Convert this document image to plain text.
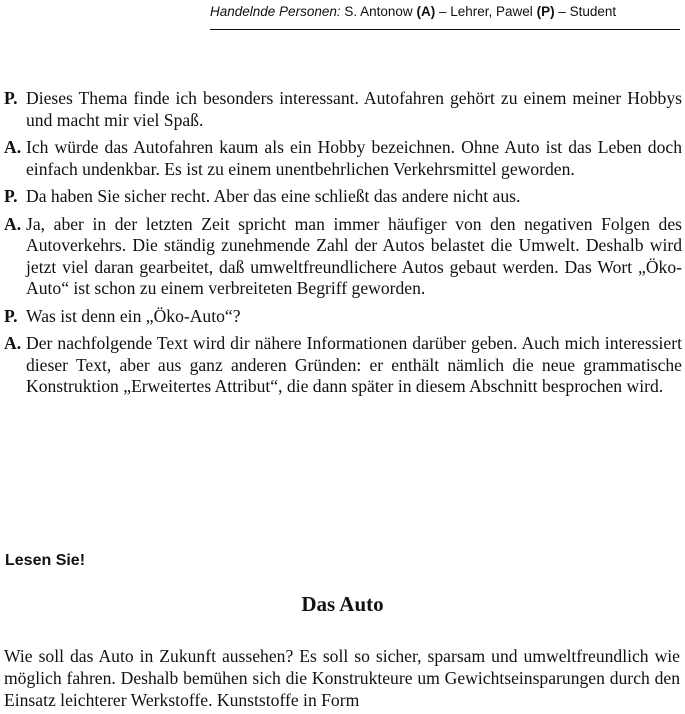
Handelnde Personen: S. Antonow (A) – Lehrer, Pawel (P) – Student
P. Dieses Thema finde ich besonders interessant. Autofahren gehört zu einem meiner Hobbys und macht mir viel Spaß.
A. Ich würde das Autofahren kaum als ein Hobby bezeichnen. Ohne Auto ist das Leben doch einfach undenkbar. Es ist zu einem unentbehrlichen Verkehrsmittel geworden.
P. Da haben Sie sicher recht. Aber das eine schließt das andere nicht aus.
A. Ja, aber in der letzten Zeit spricht man immer häufiger von den negativen Folgen des Autoverkehrs. Die ständig zunehmende Zahl der Autos belastet die Umwelt. Deshalb wird jetzt viel daran gearbeitet, daß umweltfreundlichere Autos gebaut werden. Das Wort „Öko-Auto“ ist schon zu einem verbreiteten Begriff geworden.
P. Was ist denn ein „Öko-Auto“?
A. Der nachfolgende Text wird dir nähere Informationen darüber geben. Auch mich interessiert dieser Text, aber aus ganz anderen Gründen: er enthält nämlich die neue grammatische Konstruktion „Erweitertes Attribut“, die dann später in diesem Abschnitt besprochen wird.
Lesen Sie!
Das Auto
Wie soll das Auto in Zukunft aussehen? Es soll so sicher, sparsam und umweltfreundlich wie möglich fahren. Deshalb bemühen sich die Konstrukteure um Gewichtseinsparungen durch den Einsatz leichterer Werkstoffe. Kunststoffe in Form
